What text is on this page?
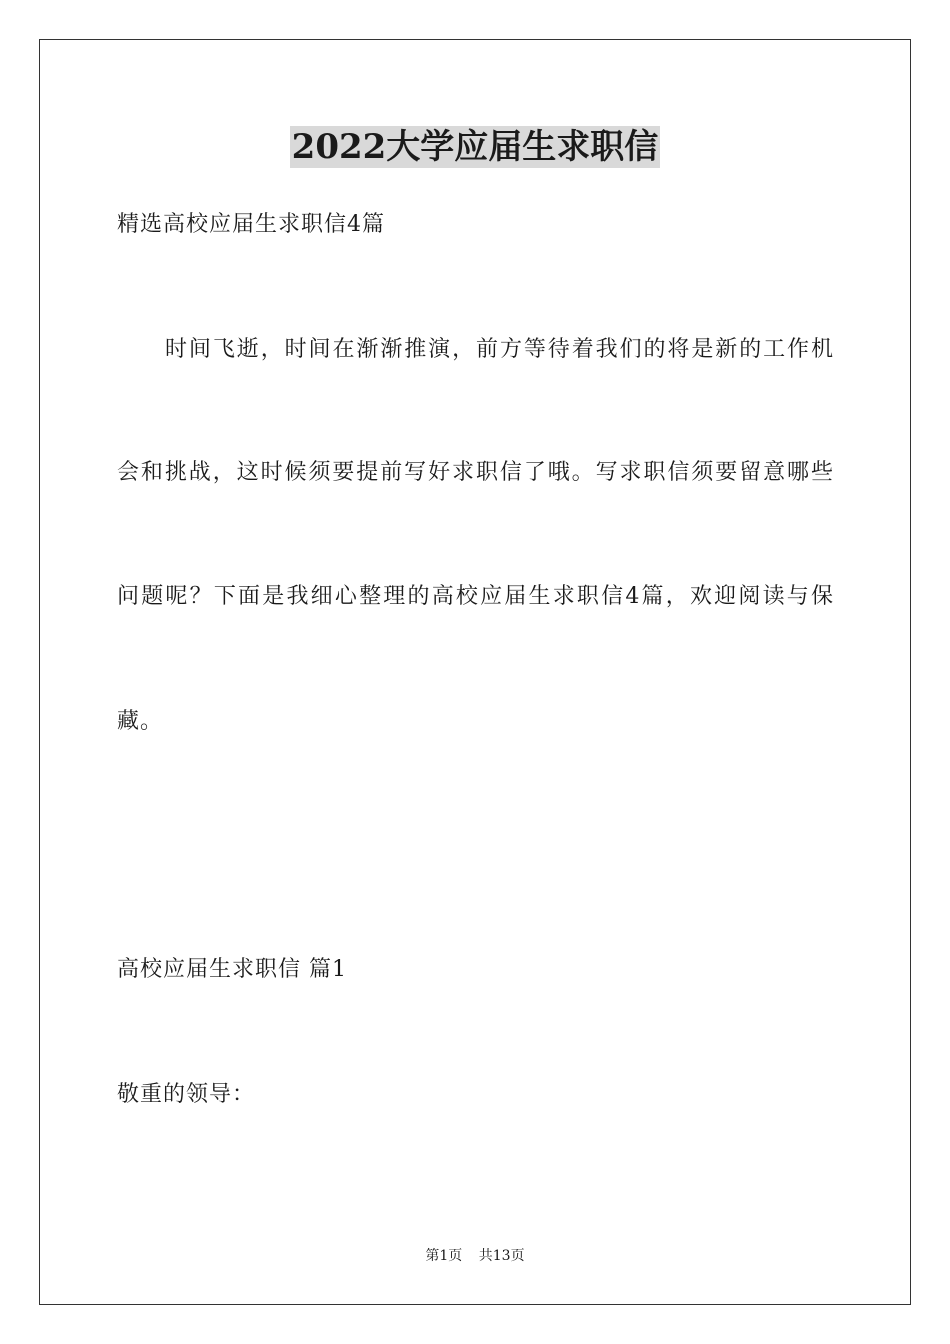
2022大学应届生求职信
精选高校应届生求职信4篇
时间飞逝，时间在渐渐推演，前方等待着我们的将是新的工作机
会和挑战，这时候须要提前写好求职信了哦。写求职信须要留意哪些
问题呢？下面是我细心整理的高校应届生求职信4篇，欢迎阅读与保
藏。
高校应届生求职信 篇1
敬重的领导：
第1页 共13页
